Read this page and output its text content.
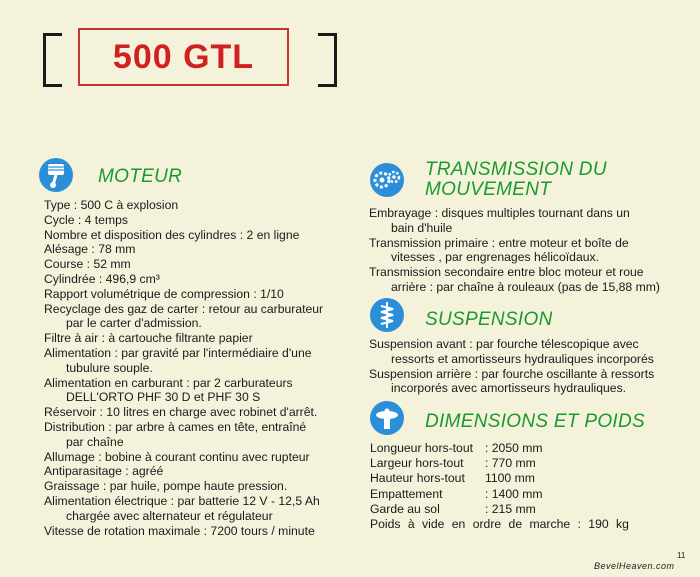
500 GTL
MOTEUR
Type : 500 C à explosion
Cycle : 4 temps
Nombre et disposition des cylindres : 2 en ligne
Alésage : 78 mm
Course : 52 mm
Cylindrée : 496,9 cm³
Rapport volumétrique de compression : 1/10
Recyclage des gaz de carter : retour au carburateur
par le carter d'admission.
Filtre à air : à cartouche filtrante papier
Alimentation : par gravité par l'intermédiaire d'une
tubulure souple.
Alimentation en carburant : par 2 carburateurs
DELL'ORTO PHF 30 D et PHF 30 S
Réservoir : 10 litres en charge avec robinet d'arrêt.
Distribution : par arbre à cames en tête, entraîné
par chaîne
Allumage : bobine à courant continu avec rupteur
Antiparasitage : agréé
Graissage : par huile, pompe haute pression.
Alimentation électrique : par batterie 12 V - 12,5 Ah
chargée avec alternateur et régulateur
Vitesse de rotation maximale : 7200 tours / minute
TRANSMISSION DU
MOUVEMENT
Embrayage : disques multiples tournant dans un
bain d'huile
Transmission primaire : entre moteur et boîte de
vitesses , par engrenages hélicoïdaux.
Transmission secondaire entre bloc moteur et roue
arrière : par chaîne à rouleaux (pas de 15,88 mm)
SUSPENSION
Suspension avant : par fourche télescopique avec
ressorts et amortisseurs hydrauliques incorporés
Suspension arrière : par fourche oscillante à ressorts
incorporés avec amortisseurs hydrauliques.
DIMENSIONS ET POIDS
Longueur hors-tout : 2050 mm
Largeur hors-tout	: 770 mm
Hauteur hors-tout	1100 mm
Empattement	: 1400 mm
Garde au sol	: 215 mm
Poids à vide en ordre de marche : 190 kg
BevelHeaven.com
11
